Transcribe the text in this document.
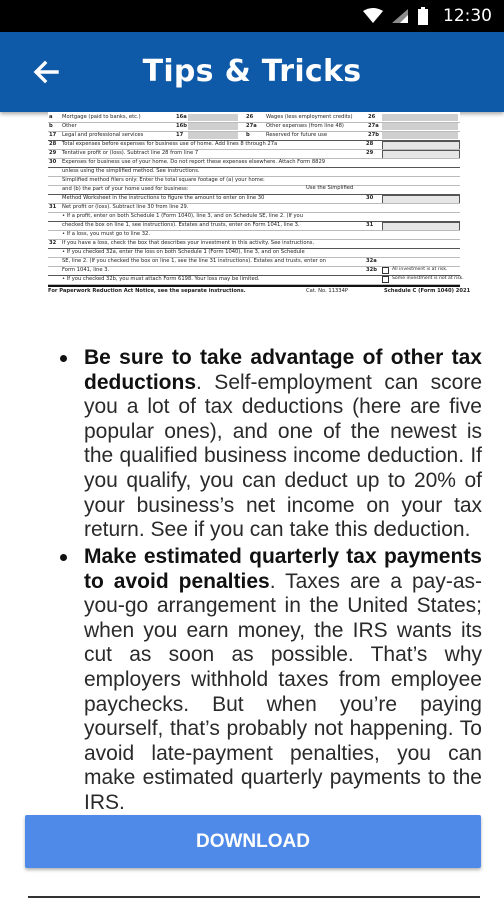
12:30
Tips & Tricks
a Mortgage (paid to banks, etc.)	16a	26 Wages (less employment credits)	26
b Other	16b	27a Other expenses (from line 48)	27a
17 Legal and professional services	17	b	Reserved for future use	27b
28 Total expenses before expenses for business use of home. Add lines 8 through 27a	28
29 Tentative profit or (loss). Subtract line 28 from line 7	29
30 Expenses for business use of your home. Do not report these expenses elsewhere. Attach Form 8829
unless using the simplified method. See instructions.
Simplified method filers only: Enter the total square footage of (a) your home:
and (b) the part of your home used for business:
Method Worksheet in the instructions to figure the amount to enter on line 30	30
31 Net profit or (loss). Subtract line 30 from line 29.
• If a profit, enter on both Schedule 1 (Form 1040), line 3, and on Schedule SE, line 2. (If you
checked the box on line 1, see instructions). Estates and trusts, enter on Form 1041, line 3.	31
• If a loss, you must go to line 32.
32 If you have a loss, check the box that describes your investment in this activity. See instructions.
• If you checked 32a, enter the loss on both Schedule 1 (Form 1040), line 3, and on Schedule
SE, line 2. (If you checked the box on line 1, see the line 31 instructions). Estates and trusts, enter on	32a
Form 1041, line 3.	32b
• If you checked 32b, you must attach Form 6198. Your loss may be limited.
Use the Simplified
All investment is at risk.
Some investment is not at risk.
For Paperwork Reduction Act Notice, see the separate instructions.	Cat. No. 11334P	Schedule C (Form 1040) 2021
Be sure to take advantage of other tax deductions. Self-employment can score you a lot of tax deductions (here are five popular ones), and one of the newest is the qualified business income deduction. If you qualify, you can deduct up to 20% of your business’s net income on your tax return. See if you can take this deduction.
Make estimated quarterly tax payments to avoid penalties. Taxes are a pay-as-you-go arrangement in the United States; when you earn money, the IRS wants its cut as soon as possible. That’s why employers withhold taxes from employee paychecks. But when you’re paying yourself, that’s probably not happening. To avoid late-payment penalties, you can make estimated quarterly payments to the IRS.
DOWNLOAD
